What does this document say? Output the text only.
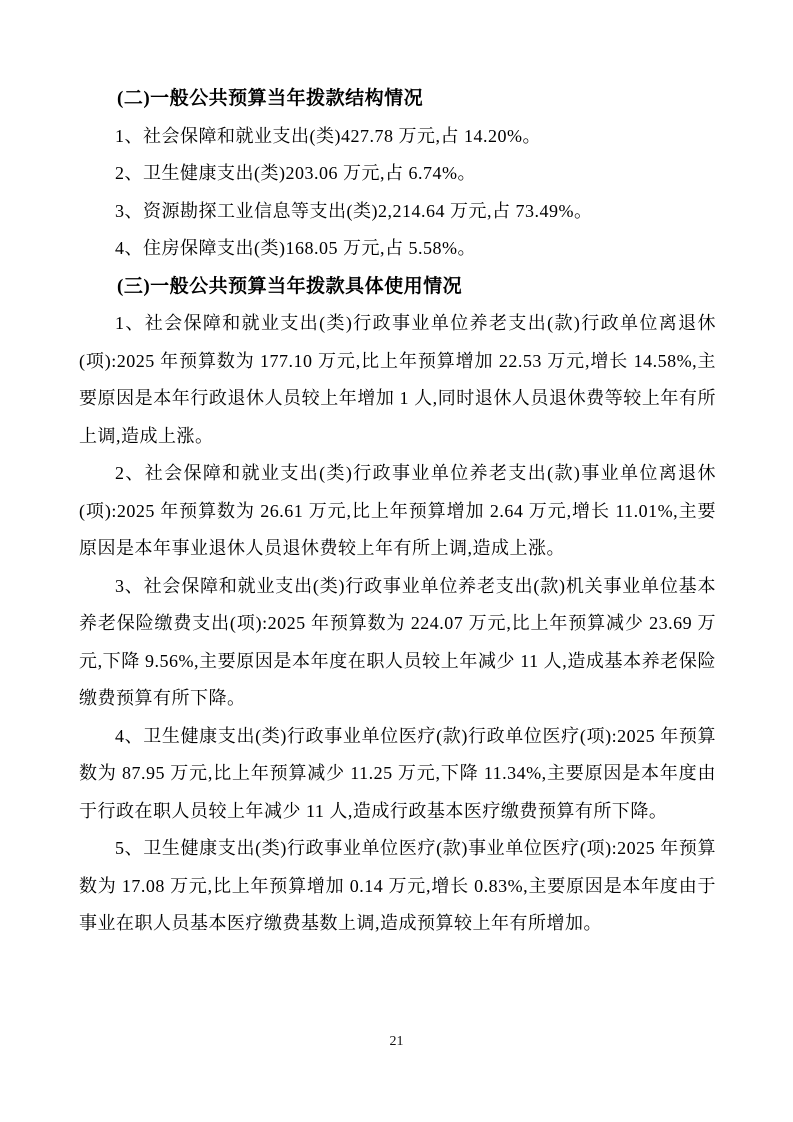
(二)一般公共预算当年拨款结构情况

1、社会保障和就业支出(类)427.78 万元,占 14.20%。

2、卫生健康支出(类)203.06 万元,占 6.74%。

3、资源勘探工业信息等支出(类)2,214.64 万元,占 73.49%。

4、住房保障支出(类)168.05 万元,占 5.58%。

(三)一般公共预算当年拨款具体使用情况

1、社会保障和就业支出(类)行政事业单位养老支出(款)行政单位离退休(项):2025 年预算数为 177.10 万元,比上年预算增加 22.53 万元,增长 14.58%,主要原因是本年行政退休人员较上年增加 1 人,同时退休人员退休费等较上年有所上调,造成上涨。

2、社会保障和就业支出(类)行政事业单位养老支出(款)事业单位离退休(项):2025 年预算数为 26.61 万元,比上年预算增加 2.64 万元,增长 11.01%,主要原因是本年事业退休人员退休费较上年有所上调,造成上涨。

3、社会保障和就业支出(类)行政事业单位养老支出(款)机关事业单位基本养老保险缴费支出(项):2025 年预算数为 224.07 万元,比上年预算减少 23.69 万元,下降 9.56%,主要原因是本年度在职人员较上年减少 11 人,造成基本养老保险缴费预算有所下降。

4、卫生健康支出(类)行政事业单位医疗(款)行政单位医疗(项):2025 年预算数为 87.95 万元,比上年预算减少 11.25 万元,下降 11.34%,主要原因是本年度由于行政在职人员较上年减少 11 人,造成行政基本医疗缴费预算有所下降。

5、卫生健康支出(类)行政事业单位医疗(款)事业单位医疗(项):2025 年预算数为 17.08 万元,比上年预算增加 0.14 万元,增长 0.83%,主要原因是本年度由于事业在职人员基本医疗缴费基数上调,造成预算较上年有所增加。

21
